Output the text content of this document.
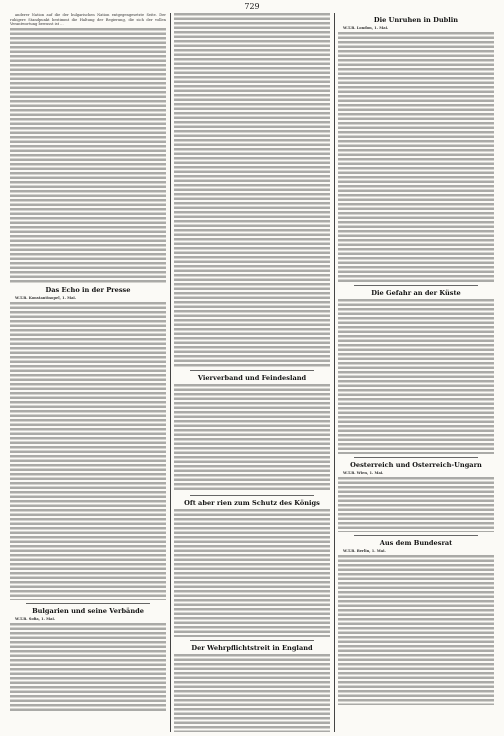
729

anderer Nation auf die der bulgarischen Nation entgegengesetzte Seite. Der ruhigere Standpunkt bestimmt die Haltung der Regierung, die sich der vollen Verantwortung bewusst ist ...

Das Echo in der Presse

W.T.B. Konstantinopel, 1. Mai.

Bulgarien und seine Verbände

W.T.B. Sofia, 1. Mai.

Vierverband und Feindesland
Oft aber rien zum Schutz des Königs
Der Wehrpflichtstreit in England
Die Unruhen in Dublin

W.T.B. London, 1. Mai.

Die Gefahr an der Küste
Oesterreich und Osterreich-Ungarn

W.T.B. Wien, 1. Mai.

Aus dem Bundesrat

W.T.B. Berlin, 1. Mai.
